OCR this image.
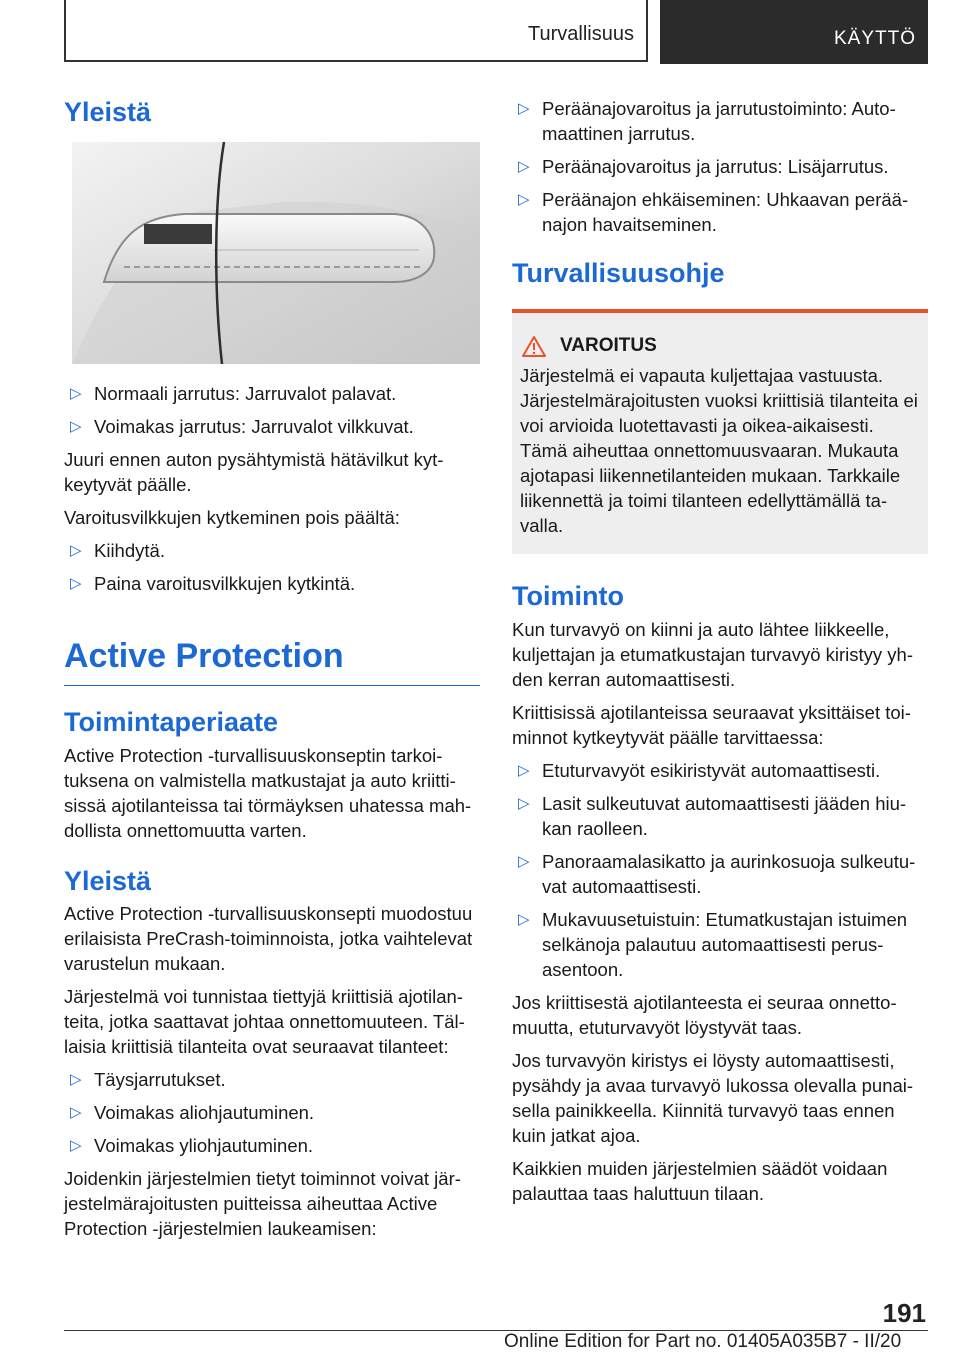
Turvallisuus	KÄYTTÖ
Yleistä
▷ Normaali jarrutus: Jarruvalot palavat.
▷ Voimakas jarrutus: Jarruvalot vilkkuvat.

Juuri ennen auton pysähtymistä hätävilkut kytkeytyvät päälle.

Varoitusvilkkujen kytkeminen pois päältä:

▷ Kiihdytä.
▷ Paina varoitusvilkkujen kytkintä.
Active Protection
Toimintaperiaate

Active Protection ‑turvallisuuskonseptin tarkoituksena on valmistella matkustajat ja auto kriittisissä ajotilanteissa tai törmäyksen uhatessa mahdollista onnettomuutta varten.

Yleistä

Active Protection ‑turvallisuuskonsepti muodostuu erilaisista PreCrash‑toiminnoista, jotka vaihtelevat varustelun mukaan.

Järjestelmä voi tunnistaa tiettyjä kriittisiä ajotilanteita, jotka saattavat johtaa onnettomuuteen. Tällaisia kriittisiä tilanteita ovat seuraavat tilanteet:

▷ Täysjarrutukset.
▷ Voimakas aliohjautuminen.
▷ Voimakas yliohjautuminen.

Joidenkin järjestelmien tietyt toiminnot voivat järjestelmärajoitusten puitteissa aiheuttaa Active Protection ‑järjestelmien laukeamisen:

▷ Peräänajovaroitus ja jarrutustoiminto: Automaattinen jarrutus.
▷ Peräänajovaroitus ja jarrutus: Lisäjarrutus.
▷ Peräänajon ehkäiseminen: Uhkaavan peräänajon havaitseminen.
Turvallisuusohje
VAROITUS

Järjestelmä ei vapauta kuljettajaa vastuusta. Järjestelmärajoitusten vuoksi kriittisiä tilanteita ei voi arvioida luotettavasti ja oikea-aikaisesti. Tämä aiheuttaa onnettomuusvaaran. Mukauta ajotapasi liikennetilanteiden mukaan. Tarkkaile liikennettä ja toimi tilanteen edellyttämällä tavalla.

Toiminto

Kun turvavyö on kiinni ja auto lähtee liikkeelle, kuljettajan ja etumatkustajan turvavyö kiristyy yhden kerran automaattisesti.

Kriittisissä ajotilanteissa seuraavat yksittäiset toiminnot kytkeytyvät päälle tarvittaessa:

▷ Etuturvavyöt esikiristyvät automaattisesti.
▷ Lasit sulkeutuvat automaattisesti jääden hiukan raolleen.
▷ Panoraamalasikatto ja aurinkosuoja sulkeutuvat automaattisesti.
▷ Mukavuusetuistuin: Etumatkustajan istuimen selkänoja palautuu automaattisesti perusasentoon.

Jos kriittisestä ajotilanteesta ei seuraa onnettomuutta, etuturvavyöt löystyvät taas.

Jos turvavyön kiristys ei löysty automaattisesti, pysähdy ja avaa turvavyö lukossa olevalla punaisella painikkeella. Kiinnitä turvavyö taas ennen kuin jatkat ajoa.

Kaikkien muiden järjestelmien säädöt voidaan palauttaa taas haluttuun tilaan.

191
Online Edition for Part no. 01405A035B7 - II/20
